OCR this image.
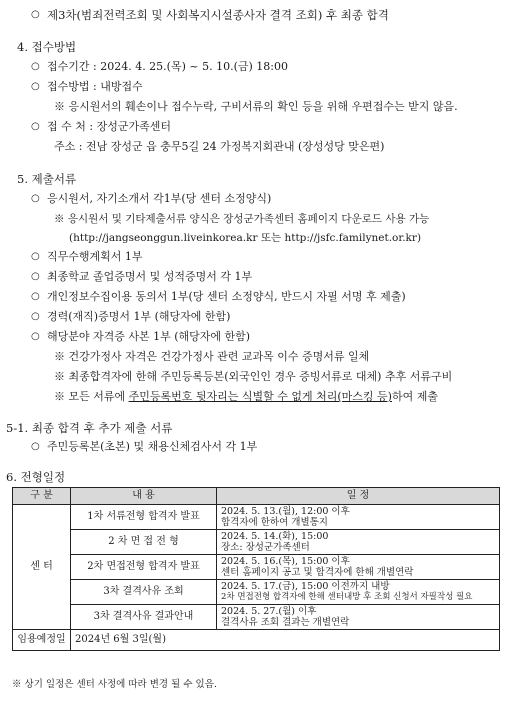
○ 제3차(범죄전력조회 및 사회복지시설종사자 결격 조회) 후 최종 합격
4. 접수방법
○ 접수기간 : 2024. 4. 25.(목) ~ 5. 10.(금) 18:00
○ 접수방법 : 내방접수
※ 응시원서의 훼손이나 접수누락, 구비서류의 확인 등을 위해 우편접수는 받지 않음.
○ 접 수 처 : 장성군가족센터
주소 : 전남 장성군 읍 충무5길 24 가정복지회관내 (장성성당 맞은편)
5. 제출서류
○ 응시원서, 자기소개서 각1부(당 센터 소정양식)
※ 응시원서 및 기타제출서류 양식은 장성군가족센터 홈페이지 다운로드 사용 가능
(http://jangseonggun.liveinkorea.kr 또는 http://jsfc.familynet.or.kr)
○ 직무수행계획서 1부
○ 최종학교 졸업증명서 및 성적증명서 각 1부
○ 개인정보수집이용 동의서 1부(당 센터 소정양식, 반드시 자필 서명 후 제출)
○ 경력(재직)증명서 1부 (해당자에 한함)
○ 해당분야 자격증 사본 1부 (해당자에 한함)
※ 건강가정사 자격은 건강가정사 관련 교과목 이수 증명서류 일체
※ 최종합격자에 한해 주민등록등본(외국인인 경우 증빙서류로 대체) 추후 서류구비
※ 모든 서류에 주민등록번호 뒷자리는 식별할 수 없게 처리(마스킹 등)하여 제출
5-1. 최종 합격 후 추가 제출 서류
○ 주민등록본(초본) 및 채용신체검사서 각 1부
6. 전형일정
구 분	내 용	일 정
센 터	1차 서류전형 합격자 발표	2024. 5. 13.(월), 12:00 이후
합격자에 한하여 개별통지

	2 차 면 접 전 형	2024. 5. 14.(화), 15:00
장소: 장성군가족센터

	2차 면접전형 합격자 발표	2024. 5. 16.(목), 15:00 이후
센터 홈페이지 공고 및 합격자에 한해 개별연락

	3차 결격사유 조회	2024. 5. 17.(금), 15:00 이전까지 내방
2차 면접전형 합격자에 한해 센터내방 후 조회 신청서 자필작성 필요

	3차 결격사유 결과안내	2024. 5. 27.(월) 이후
결격사유 조회 결과는 개별연락

임용예정일	2024년 6월 3일(월)	
※ 상기 일정은 센터 사정에 따라 변경 될 수 있음.
